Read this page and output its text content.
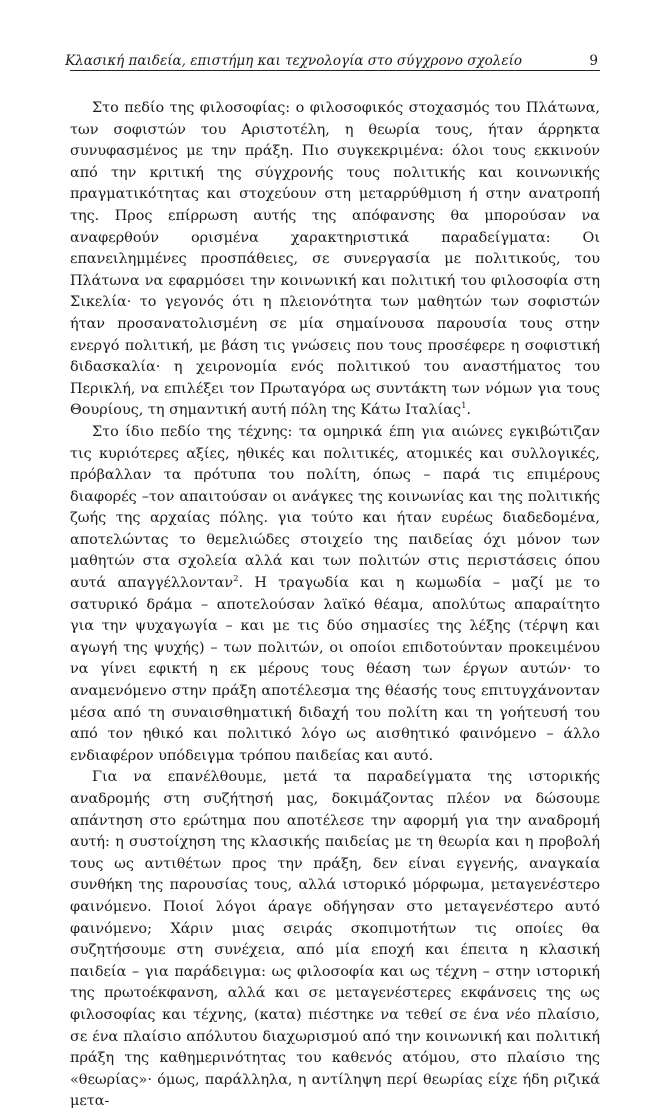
Κλασική παιδεία, επιστήμη και τεχνολογία στο σύγχρονο σχολείο	9

Στο πεδίο της φιλοσοφίας: ο φιλοσοφικός στοχασμός του Πλάτωνα, των σοφιστών του Αριστοτέλη, η θεωρία τους, ήταν άρρηκτα συνυφασμένος με την πράξη. Πιο συγκεκριμένα: όλοι τους εκκινούν από την κριτική της σύγχρονής τους πολιτικής και κοινωνικής πραγματικότητας και στοχεύουν στη μεταρρύθμιση ή στην ανατροπή της. Προς επίρρωση αυτής της απόφανσης θα μπορούσαν να αναφερθούν ορισμένα χαρακτηριστικά παραδείγματα: Οι επανειλημμένες προσπάθειες, σε συνεργασία με πολιτικούς, του Πλάτωνα να εφαρμόσει την κοινωνική και πολιτική του φιλοσοφία στη Σικελία· το γεγονός ότι η πλειονότητα των μαθητών των σοφιστών ήταν προσανατολισμένη σε μία σημαίνουσα παρουσία τους στην ενεργό πολιτική, με βάση τις γνώσεις που τους προσέφερε η σοφιστική διδασκαλία· η χειρονομία ενός πολιτικού του αναστήματος του Περικλή, να επιλέξει τον Πρωταγόρα ως συντάκτη των νόμων για τους Θουρίους, τη σημαντική αυτή πόλη της Κάτω Ιταλίας$^1$.

Στο ίδιο πεδίο της τέχνης: τα ομηρικά έπη για αιώνες εγκιβώτιζαν τις κυριότερες αξίες, ηθικές και πολιτικές, ατομικές και συλλογικές, πρόβαλλαν τα πρότυπα του πολίτη, όπως – παρά τις επιμέρους διαφορές –τον απαιτούσαν οι ανάγκες της κοινωνίας και της πολιτικής ζωής της αρχαίας πόλης. για τούτο και ήταν ευρέως διαδεδομένα, αποτελώντας το θεμελιώδες στοιχείο της παιδείας όχι μόνον των μαθητών στα σχολεία αλλά και των πολιτών στις περιστάσεις όπου αυτά απαγγέλλονταν$^2$. Η τραγωδία και η κωμωδία – μαζί με το σατυρικό δράμα – αποτελούσαν λαϊκό θέαμα, απολύτως απαραίτητο για την ψυχαγωγία – και με τις δύο σημασίες της λέξης (τέρψη και αγωγή της ψυχής) – των πολιτών, οι οποίοι επιδοτούνταν προκειμένου να γίνει εφικτή η εκ μέρους τους θέαση των έργων αυτών· το αναμενόμενο στην πράξη αποτέλεσμα της θέασής τους επιτυγχάνονταν μέσα από τη συναισθηματική διδαχή του πολίτη και τη γοήτευσή του από τον ηθικό και πολιτικό λόγο ως αισθητικό φαινόμενο – άλλο ενδιαφέρον υπόδειγμα τρόπου παιδείας και αυτό.

Για να επανέλθουμε, μετά τα παραδείγματα της ιστορικής αναδρομής στη συζήτησή μας, δοκιμάζοντας πλέον να δώσουμε απάντηση στο ερώτημα που αποτέλεσε την αφορμή για την αναδρομή αυτή: η συστοίχηση της κλασικής παιδείας με τη θεωρία και η προβολή τους ως αντιθέτων προς την πράξη, δεν είναι εγγενής, αναγκαία συνθήκη της παρουσίας τους, αλλά ιστορικό μόρφωμα, μεταγενέστερο φαινόμενο. Ποιοί λόγοι άραγε οδήγησαν στο μεταγενέστερο αυτό φαινόμενο; Χάριν μιας σειράς σκοπιμοτήτων τις οποίες θα συζητήσουμε στη συνέχεια, από μία εποχή και έπειτα η κλασική παιδεία – για παράδειγμα: ως φιλοσοφία και ως τέχνη – στην ιστορική της πρωτοέκφανση, αλλά και σε μεταγενέστερες εκφάνσεις της ως φιλοσοφίας και τέχνης, (κατα) πιέστηκε να τεθεί σε ένα νέο πλαίσιο, σε ένα πλαίσιο απόλυτου διαχωρισμού από την κοινωνική και πολιτική πράξη της καθημερινότητας του καθενός ατόμου, στο πλαίσιο της «θεωρίας»· όμως, παράλληλα, η αντίληψη περί θεωρίας είχε ήδη ριζικά μετα-
